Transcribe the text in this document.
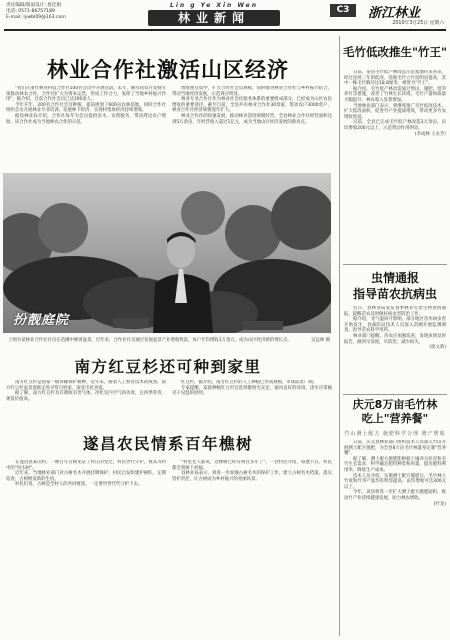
责任编辑/版面设计: 詹佳娟
电话: 0571-86757189
E-mail: lywbl09@163.com
Lin g Ye Xin Wen
林业新闻
C3	浙江林业
2010年3月25日 星期六
林业合作社激活山区经济

"我们在浙社林业科技合作社100名会员中开展活动。去年，丽水扶贫开发暨专项推动林农合作，合作社扩大为资本运营，形成工作合力，发挥了当地乡村振兴作用"，据介绍，目前合作社会员已达100余人。

今年开年，200名合作社会员种植，提前规划了600亩农林基地。同时合作社组织会员开展林业专业培训，发展林下经济，实现村集体经济持续增收。

据县林业局介绍，合作社每年为会员提供苗木、农资服务，带动周边农户增收，该合作社成为当地林农合作的示范。

增收重点集中，扩大合作社会员规模，同时推进林业合作社与乡村振兴结合，带动当地经济发展，示范效应明显。

林业专业合作社作为林业社会化服务体系的重要组成部分，已经成为山区农民增收的重要途径。截至目前，全县共有林业合作社30余家，带动农户3000余户，林业合作社经济规模逐年扩大。

林业合作社的快速发展，推动林业适度规模经营，全县林业合作社经营面积达到5万余亩，年经营收入超过1亿元，成为当地山区经济发展的新亮点。

扮靓庭院
上图为某林业合作社社员在苗圃中修剪盆景，近年来，合作社社员通过发展盆景产业增收致富，每户年均增收1万余元，成为山区经济新的增长点。	吴远林 摄
南方红豆杉还可种到家里

南方红豆杉是国家一级珍稀保护树种，近年来，随着人工繁育技术的成熟，南方红豆杉盆景逐渐走进寻常百姓家，深受市民喜爱。

据了解，南方红豆杉具有吸收有害气体、净化室内空气的功效，且四季常青，观赏价值高。

红豆杉，据介绍，南方红豆杉的人工种植已形成规模，市场前景广阔。

专家提醒，家庭种植红豆杉宜选择散射光充足、通风良好的环境，浇水应掌握见干见湿的原则。

遂昌农民情系百年樵树

在遂昌县某山村，一棵百年古树见证了村庄的变迁，村民世代守护，视其为村中的"风水树"。

近年来，当地林业部门对古树名木开展挂牌保护，村民自发组建护树队，定期巡查，古树焕发新的生机。

村民们说，古树是全村人的共同财富，一定要世世代代守护下去。

"村里老人都说，这棵树已经有两百多年了"，一位村民介绍，每逢节日，村民都会到树下祈福。

县林业局表示，将进一步加强古树名木的保护工作，建立古树名木档案，落实管护责任，让古树成为乡村振兴的亮丽风景。

毛竹低改推生"竹王"

日前，某县毛竹低产林改造示范基地传来喜讯，经过连续三年的低改，基地毛竹立竹度明显提高，其中一株毛竹胸径达18.8厘米，被誉为"竹王"。

据介绍，毛竹低产林改造通过劈山、施肥、留笋养竹等措施，改善了竹林生长环境，毛竹产量和质量大幅提升，林农收入显著增加。

当地林业部门表示，将继续推广毛竹低改技术，扩大低改面积，促进竹产业提质增效，带动更多竹农增收致富。

目前，全县已完成毛竹低产林改造3万余亩，亩均增收200元以上，示范带动作用明显。

(李成林 王永芳)

虫情通报
指导苗农抗病虫

近日，县林业局发布春季林业有害生物虫情通报，提醒苗农及时做好病虫害防治工作。

据介绍，受气温回升影响，部分地区苗木病虫害开始发生，县森防站技术人员深入苗圃开展监测调查，指导苗农科学用药。

林业部门提醒，苗农应加强巡查，发现虫情及时报告，做到早发现、早防治，减少损失。

(徐文新)

庆元8万亩毛竹林
吃上"营养餐"
竹山测土配方 施肥科学合理 增产增收

日前，庆元县林业部门组织技术人员深入竹山开展测土配方施肥，为全县8万亩毛竹林量身定制"营养餐"。

据了解，测土配方施肥能根据土壤养分状况和毛竹生长需求，科学确定肥料种类和用量，提高肥料利用率，降低生产成本。

技术人员介绍，实施测土配方施肥后，毛竹林立竹度和竹笋产量均有明显提高，亩均增收可达300元以上。

今年，该县将进一步扩大测土配方施肥面积，推动竹产业持续健康发展，助力林农增收。

(叶龙)
